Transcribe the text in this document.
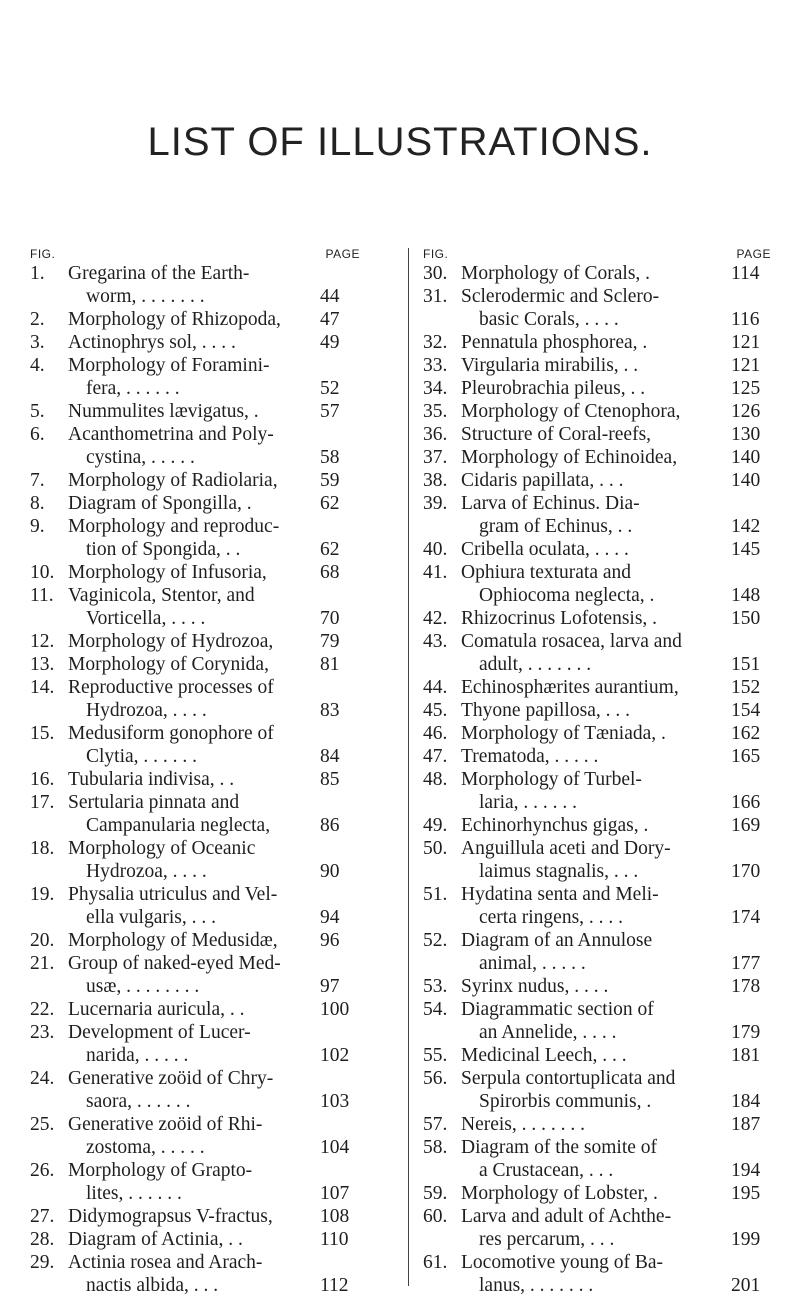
LIST OF ILLUSTRATIONS.
FIG.	PAGE
1.	Gregarina of the Earth-
worm, . . . . . . .	44
2.	Morphology of Rhizopoda,	47
3.	Actinophrys sol, . . . .	49
4.	Morphology of Foramini-
fera, . . . . . .	52
5.	Nummulites lævigatus, .	57
6.	Acanthometrina and Poly-
cystina, . . . . .	58
7.	Morphology of Radiolaria,	59
8.	Diagram of Spongilla, .	62
9.	Morphology and reproduc-
tion of Spongida, . .	62
10. Morphology of Infusoria,	68
11. Vaginicola, Stentor, and
Vorticella, . . . .	70
12. Morphology of Hydrozoa,	79
13. Morphology of Corynida,	81
14. Reproductive processes of
Hydrozoa, . . . .	83
15. Medusiform gonophore of
Clytia, . . . . . .	84
16. Tubularia indivisa, . .	85
17. Sertularia pinnata and
Campanularia neglecta,	86
18. Morphology of Oceanic
Hydrozoa, . . . .	90
19. Physalia utriculus and Vel-
ella vulgaris, . . .	94
20. Morphology of Medusidæ,	96
21. Group of naked-eyed Med-
usæ, . . . . . . . .	97
22. Lucernaria auricula, . .	100
23. Development of Lucer-
narida, . . . . .	102
24. Generative zoöid of Chry-
saora, . . . . . .	103
25. Generative zoöid of Rhi-
zostoma, . . . . .	104
26. Morphology of Grapto-
lites, . . . . . .	107
27. Didymograpsus V-fractus,	108
28. Diagram of Actinia, . .	110
29. Actinia rosea and Arach-
nactis albida, . . .	112
FIG.	PAGE
30. Morphology of Corals, .	114
31. Sclerodermic and Sclero-
basic Corals, . . . .	116
32. Pennatula phosphorea, .	121
33. Virgularia mirabilis, . .	121
34. Pleurobrachia pileus, . .	125
35. Morphology of Ctenophora,	126
36. Structure of Coral-reefs,	130
37. Morphology of Echinoidea,	140
38. Cidaris papillata, . . .	140
39. Larva of Echinus. Dia-
gram of Echinus, . .	142
40. Cribella oculata, . . . .	145
41. Ophiura texturata and
Ophiocoma neglecta, .	148
42. Rhizocrinus Lofotensis, .	150
43. Comatula rosacea, larva and
adult, . . . . . . .	151
44. Echinosphærites aurantium,	152
45. Thyone papillosa, . . .	154
46. Morphology of Tæniada, .	162
47. Trematoda, . . . . .	165
48. Morphology of Turbel-
laria, . . . . . .	166
49. Echinorhynchus gigas, .	169
50. Anguillula aceti and Dory-
laimus stagnalis, . . .	170
51. Hydatina senta and Meli-
certa ringens, . . . .	174
52. Diagram of an Annulose
animal, . . . . .	177
53. Syrinx nudus, . . . .	178
54. Diagrammatic section of
an Annelide, . . . .	179
55. Medicinal Leech, . . .	181
56. Serpula contortuplicata and
Spirorbis communis, .	184
57. Nereis, . . . . . . .	187
58. Diagram of the somite of
a Crustacean, . . .	194
59. Morphology of Lobster, .	195
60. Larva and adult of Achthe-
res percarum, . . .	199
61. Locomotive young of Ba-
lanus, . . . . . . .	201
